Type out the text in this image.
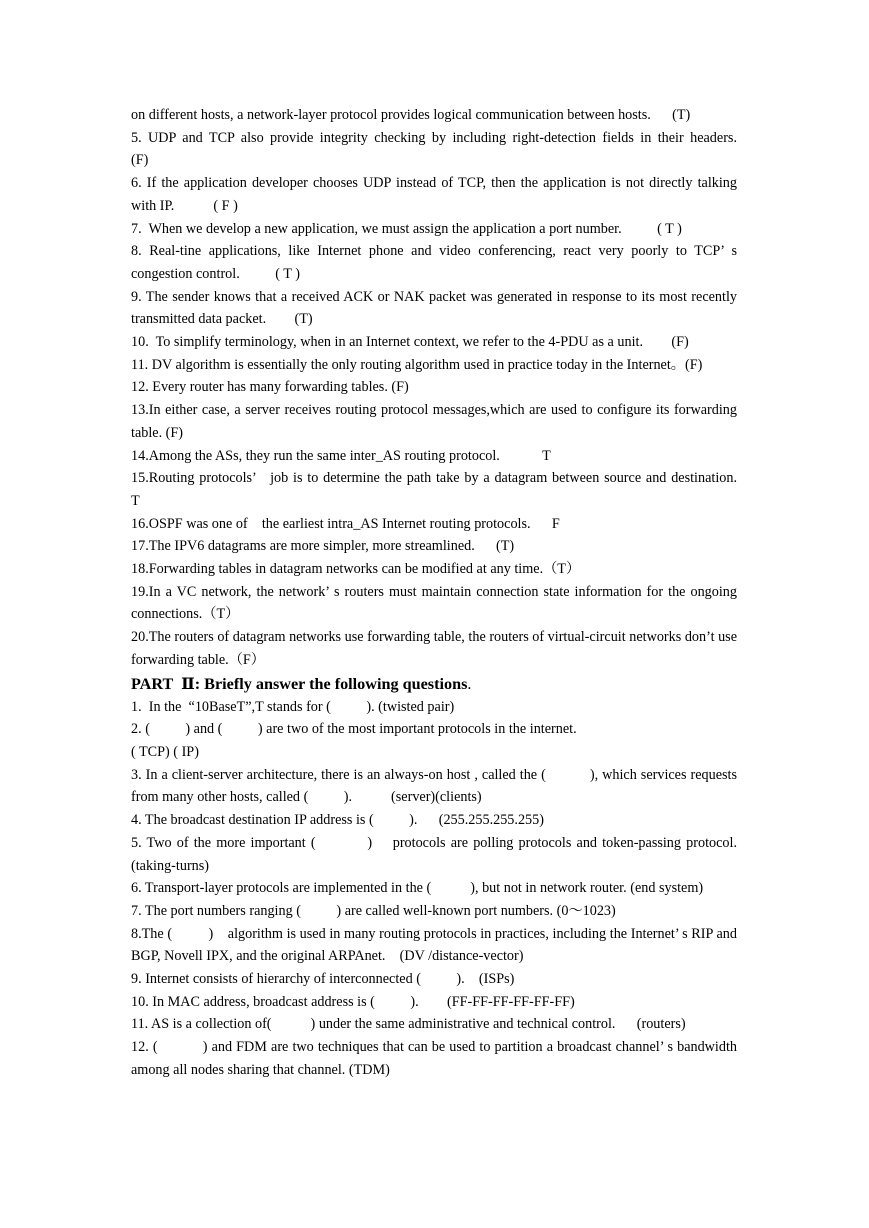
on different hosts, a network-layer protocol provides logical communication between hosts.      (T)

5. UDP and TCP also provide integrity checking by including right-detection fields in their headers.          (F)

6. If the application developer chooses UDP instead of TCP, then the application is not directly talking with IP.           ( F )

7.  When we develop a new application, we must assign the application a port number.          ( T )

8. Real-tine applications, like Internet phone and video conferencing, react very poorly to TCP’ s congestion control.          ( T )

9. The sender knows that a received ACK or NAK packet was generated in response to its most recently transmitted data packet.        (T)

10.  To simplify terminology, when in an Internet context, we refer to the 4-PDU as a unit.        (F)

11. DV algorithm is essentially the only routing algorithm used in practice today in the Internet。(F)

12. Every router has many forwarding tables. (F)

13.In either case, a server receives routing protocol messages,which are used to configure its forwarding table. (F)

14.Among the ASs, they run the same inter_AS routing protocol.            T

15.Routing protocols’   job is to determine the path take by a datagram between source and destination.           T

16.OSPF was one of    the earliest intra_AS Internet routing protocols.      F

17.The IPV6 datagrams are more simpler, more streamlined.      (T)

18.Forwarding tables in datagram networks can be modified at any time.（T）

19.In a VC network, the network’ s routers must maintain connection state information for the ongoing connections.（T）

20.The routers of datagram networks use forwarding table, the routers of virtual-circuit networks don’t use forwarding table.（F）

PART  Ⅱ: Briefly answer the following questions.

1.  In the  “10BaseT”,T stands for (          ). (twisted pair)

2. (          ) and (          ) are two of the most important protocols in the internet.

( TCP) ( IP)

3. In a client-server architecture, there is an always-on host , called the (           ), which services requests from many other hosts, called (          ).           (server)(clients)

4. The broadcast destination IP address is (          ).      (255.255.255.255)

5. Two of the more important (          )    protocols are polling protocols and token-passing protocol. (taking-turns)

6. Transport-layer protocols are implemented in the (           ), but not in network router. (end system)

7. The port numbers ranging (          ) are called well-known port numbers. (0～1023)

8.The (          )    algorithm is used in many routing protocols in practices, including the Internet’ s RIP and BGP, Novell IPX, and the original ARPAnet.    (DV /distance-vector)

9. Internet consists of hierarchy of interconnected (          ).    (ISPs)

10. In MAC address, broadcast address is (          ).        (FF-FF-FF-FF-FF-FF)

11. AS is a collection of(           ) under the same administrative and technical control.      (routers)

12. (           ) and FDM are two techniques that can be used to partition a broadcast channel’ s bandwidth among all nodes sharing that channel. (TDM)
